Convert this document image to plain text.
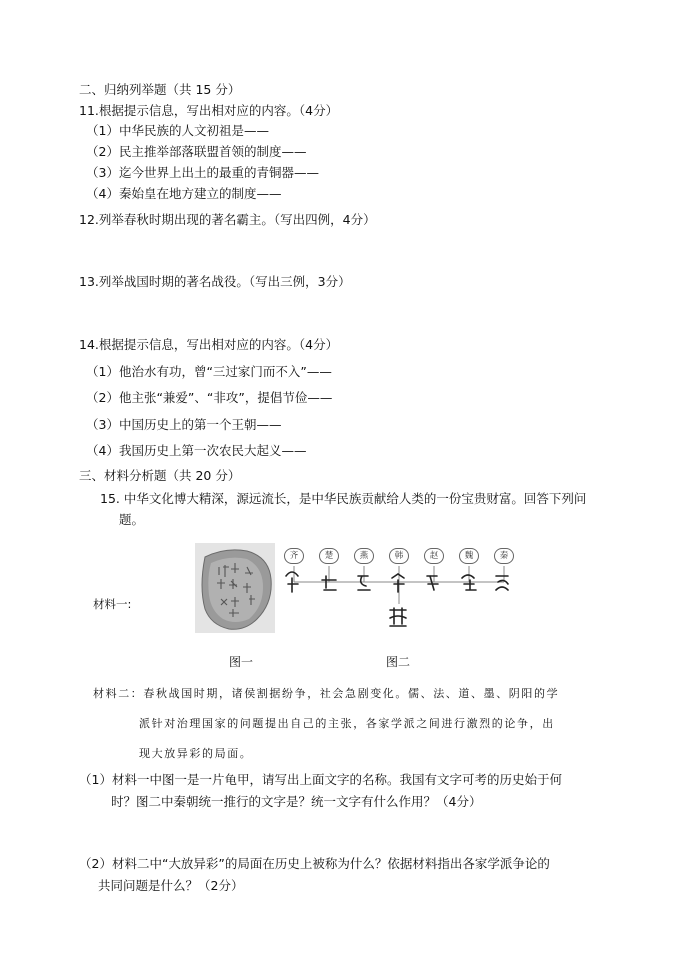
二、归纳列举题（共 15 分）
11.根据提示信息，写出相对应的内容。（4分）
（1）中华民族的人文初祖是——
（2）民主推举部落联盟首领的制度——
（3）迄今世界上出土的最重的青铜器——
（4）秦始皇在地方建立的制度——
12.列举春秋时期出现的著名霸主。（写出四例，4分）
13.列举战国时期的著名战役。（写出三例，3分）
14.根据提示信息，写出相对应的内容。（4分）
（1）他治水有功，曾“三过家门而不入”——
（2）他主张“兼爱”、“非攻”，提倡节俭——
（3）中国历史上的第一个王朝——
（4）我国历史上第一次农民大起义——
三、材料分析题（共 20 分）
15. 中华文化博大精深，源远流长，是中华民族贡献给人类的一份宝贵财富。回答下列问
题。
材料一:
图一
齐	楚	燕	韩	赵	魏	秦
图二
材料二：春秋战国时期，诸侯割据纷争，社会急剧变化。儒、法、道、墨、阴阳的学
派针对治理国家的问题提出自己的主张，各家学派之间进行激烈的论争，出
现大放异彩的局面。
（1）材料一中图一是一片龟甲，请写出上面文字的名称。我国有文字可考的历史始于何
时？图二中秦朝统一推行的文字是？统一文字有什么作用？（4分）
（2）材料二中“大放异彩”的局面在历史上被称为什么？依据材料指出各家学派争论的
共同问题是什么？（2分）
